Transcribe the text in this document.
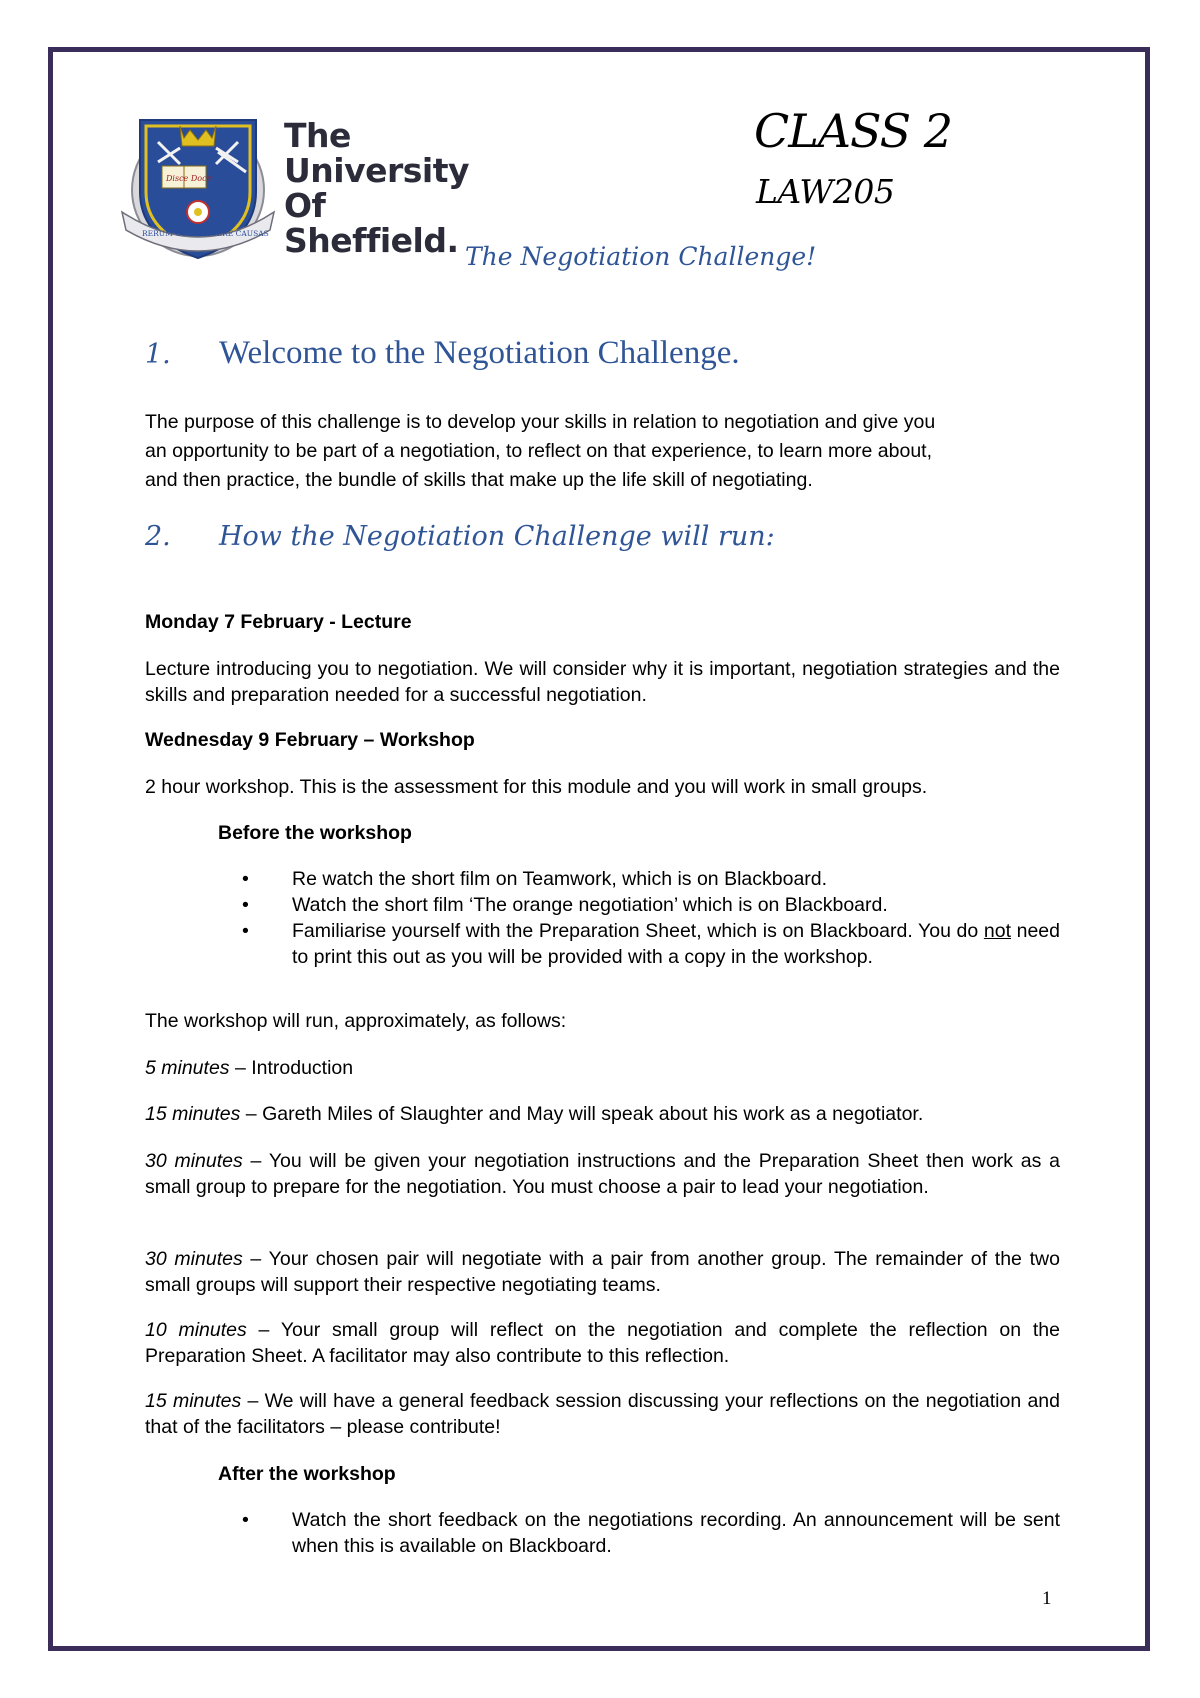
Disce Doce
RERUM COGNOSCERE CAUSAS
The
University
Of
Sheffield.
CLASS 2
LAW205
The Negotiation Challenge!
1. Welcome to the Negotiation Challenge.
The purpose of this challenge is to develop your skills in relation to negotiation and give you
an opportunity to be part of a negotiation, to reflect on that experience, to learn more about,
and then practice, the bundle of skills that make up the life skill of negotiating.
2. How the Negotiation Challenge will run:
Monday 7 February - Lecture
Lecture introducing you to negotiation. We will consider why it is important, negotiation strategies and the skills and preparation needed for a successful negotiation.
Wednesday 9 February – Workshop
2 hour workshop. This is the assessment for this module and you will work in small groups.
Before the workshop
• Re watch the short film on Teamwork, which is on Blackboard.
• Watch the short film ‘The orange negotiation’ which is on Blackboard.
• Familiarise yourself with the Preparation Sheet, which is on Blackboard. You do not need to print this out as you will be provided with a copy in the workshop.
The workshop will run, approximately, as follows:
5 minutes – Introduction
15 minutes – Gareth Miles of Slaughter and May will speak about his work as a negotiator.
30 minutes – You will be given your negotiation instructions and the Preparation Sheet then work as a small group to prepare for the negotiation. You must choose a pair to lead your negotiation.
30 minutes – Your chosen pair will negotiate with a pair from another group. The remainder of the two small groups will support their respective negotiating teams.
10 minutes – Your small group will reflect on the negotiation and complete the reflection on the Preparation Sheet. A facilitator may also contribute to this reflection.
15 minutes – We will have a general feedback session discussing your reflections on the negotiation and that of the facilitators – please contribute!
After the workshop
• Watch the short feedback on the negotiations recording. An announcement will be sent when this is available on Blackboard.
1
